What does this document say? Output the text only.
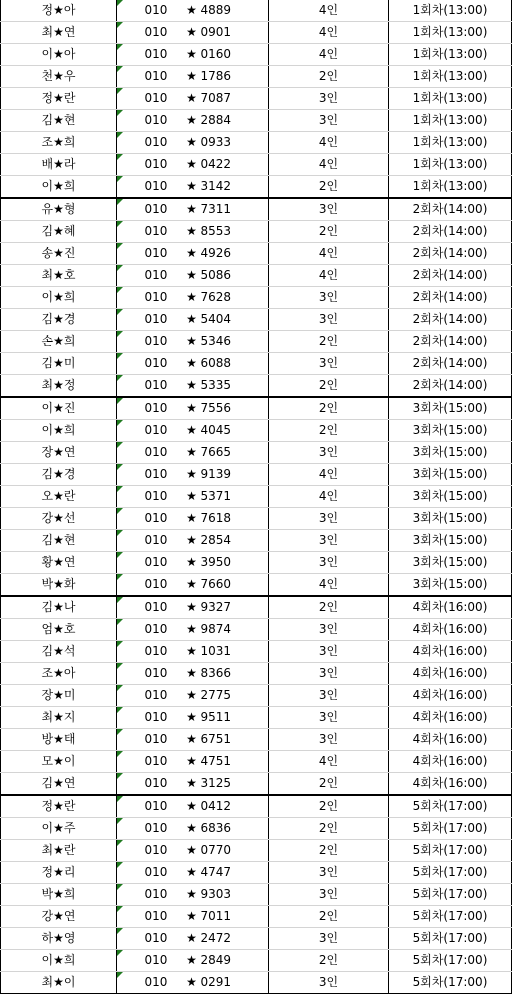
정★아	010 ★ 4889	4인	1회차(13:00)
최★연	010 ★ 0901	4인	1회차(13:00)
이★아	010 ★ 0160	4인	1회차(13:00)
천★우	010 ★ 1786	2인	1회차(13:00)
정★란	010 ★ 7087	3인	1회차(13:00)
김★현	010 ★ 2884	3인	1회차(13:00)
조★희	010 ★ 0933	4인	1회차(13:00)
배★라	010 ★ 0422	4인	1회차(13:00)
이★희	010 ★ 3142	2인	1회차(13:00)
유★형	010 ★ 7311	3인	2회차(14:00)
김★혜	010 ★ 8553	2인	2회차(14:00)
송★진	010 ★ 4926	4인	2회차(14:00)
최★호	010 ★ 5086	4인	2회차(14:00)
이★희	010 ★ 7628	3인	2회차(14:00)
김★경	010 ★ 5404	3인	2회차(14:00)
손★희	010 ★ 5346	2인	2회차(14:00)
김★미	010 ★ 6088	3인	2회차(14:00)
최★정	010 ★ 5335	2인	2회차(14:00)
이★진	010 ★ 7556	2인	3회차(15:00)
이★희	010 ★ 4045	2인	3회차(15:00)
장★연	010 ★ 7665	3인	3회차(15:00)
김★경	010 ★ 9139	4인	3회차(15:00)
오★란	010 ★ 5371	4인	3회차(15:00)
강★선	010 ★ 7618	3인	3회차(15:00)
김★현	010 ★ 2854	3인	3회차(15:00)
황★연	010 ★ 3950	3인	3회차(15:00)
박★화	010 ★ 7660	4인	3회차(15:00)
김★나	010 ★ 9327	2인	4회차(16:00)
엄★호	010 ★ 9874	3인	4회차(16:00)
김★석	010 ★ 1031	3인	4회차(16:00)
조★아	010 ★ 8366	3인	4회차(16:00)
장★미	010 ★ 2775	3인	4회차(16:00)
최★지	010 ★ 9511	3인	4회차(16:00)
방★태	010 ★ 6751	3인	4회차(16:00)
모★이	010 ★ 4751	4인	4회차(16:00)
김★연	010 ★ 3125	2인	4회차(16:00)
정★란	010 ★ 0412	2인	5회차(17:00)
이★주	010 ★ 6836	2인	5회차(17:00)
최★란	010 ★ 0770	2인	5회차(17:00)
정★리	010 ★ 4747	3인	5회차(17:00)
박★희	010 ★ 9303	3인	5회차(17:00)
강★연	010 ★ 7011	2인	5회차(17:00)
하★영	010 ★ 2472	3인	5회차(17:00)
이★희	010 ★ 2849	2인	5회차(17:00)
최★이	010 ★ 0291	3인	5회차(17:00)
